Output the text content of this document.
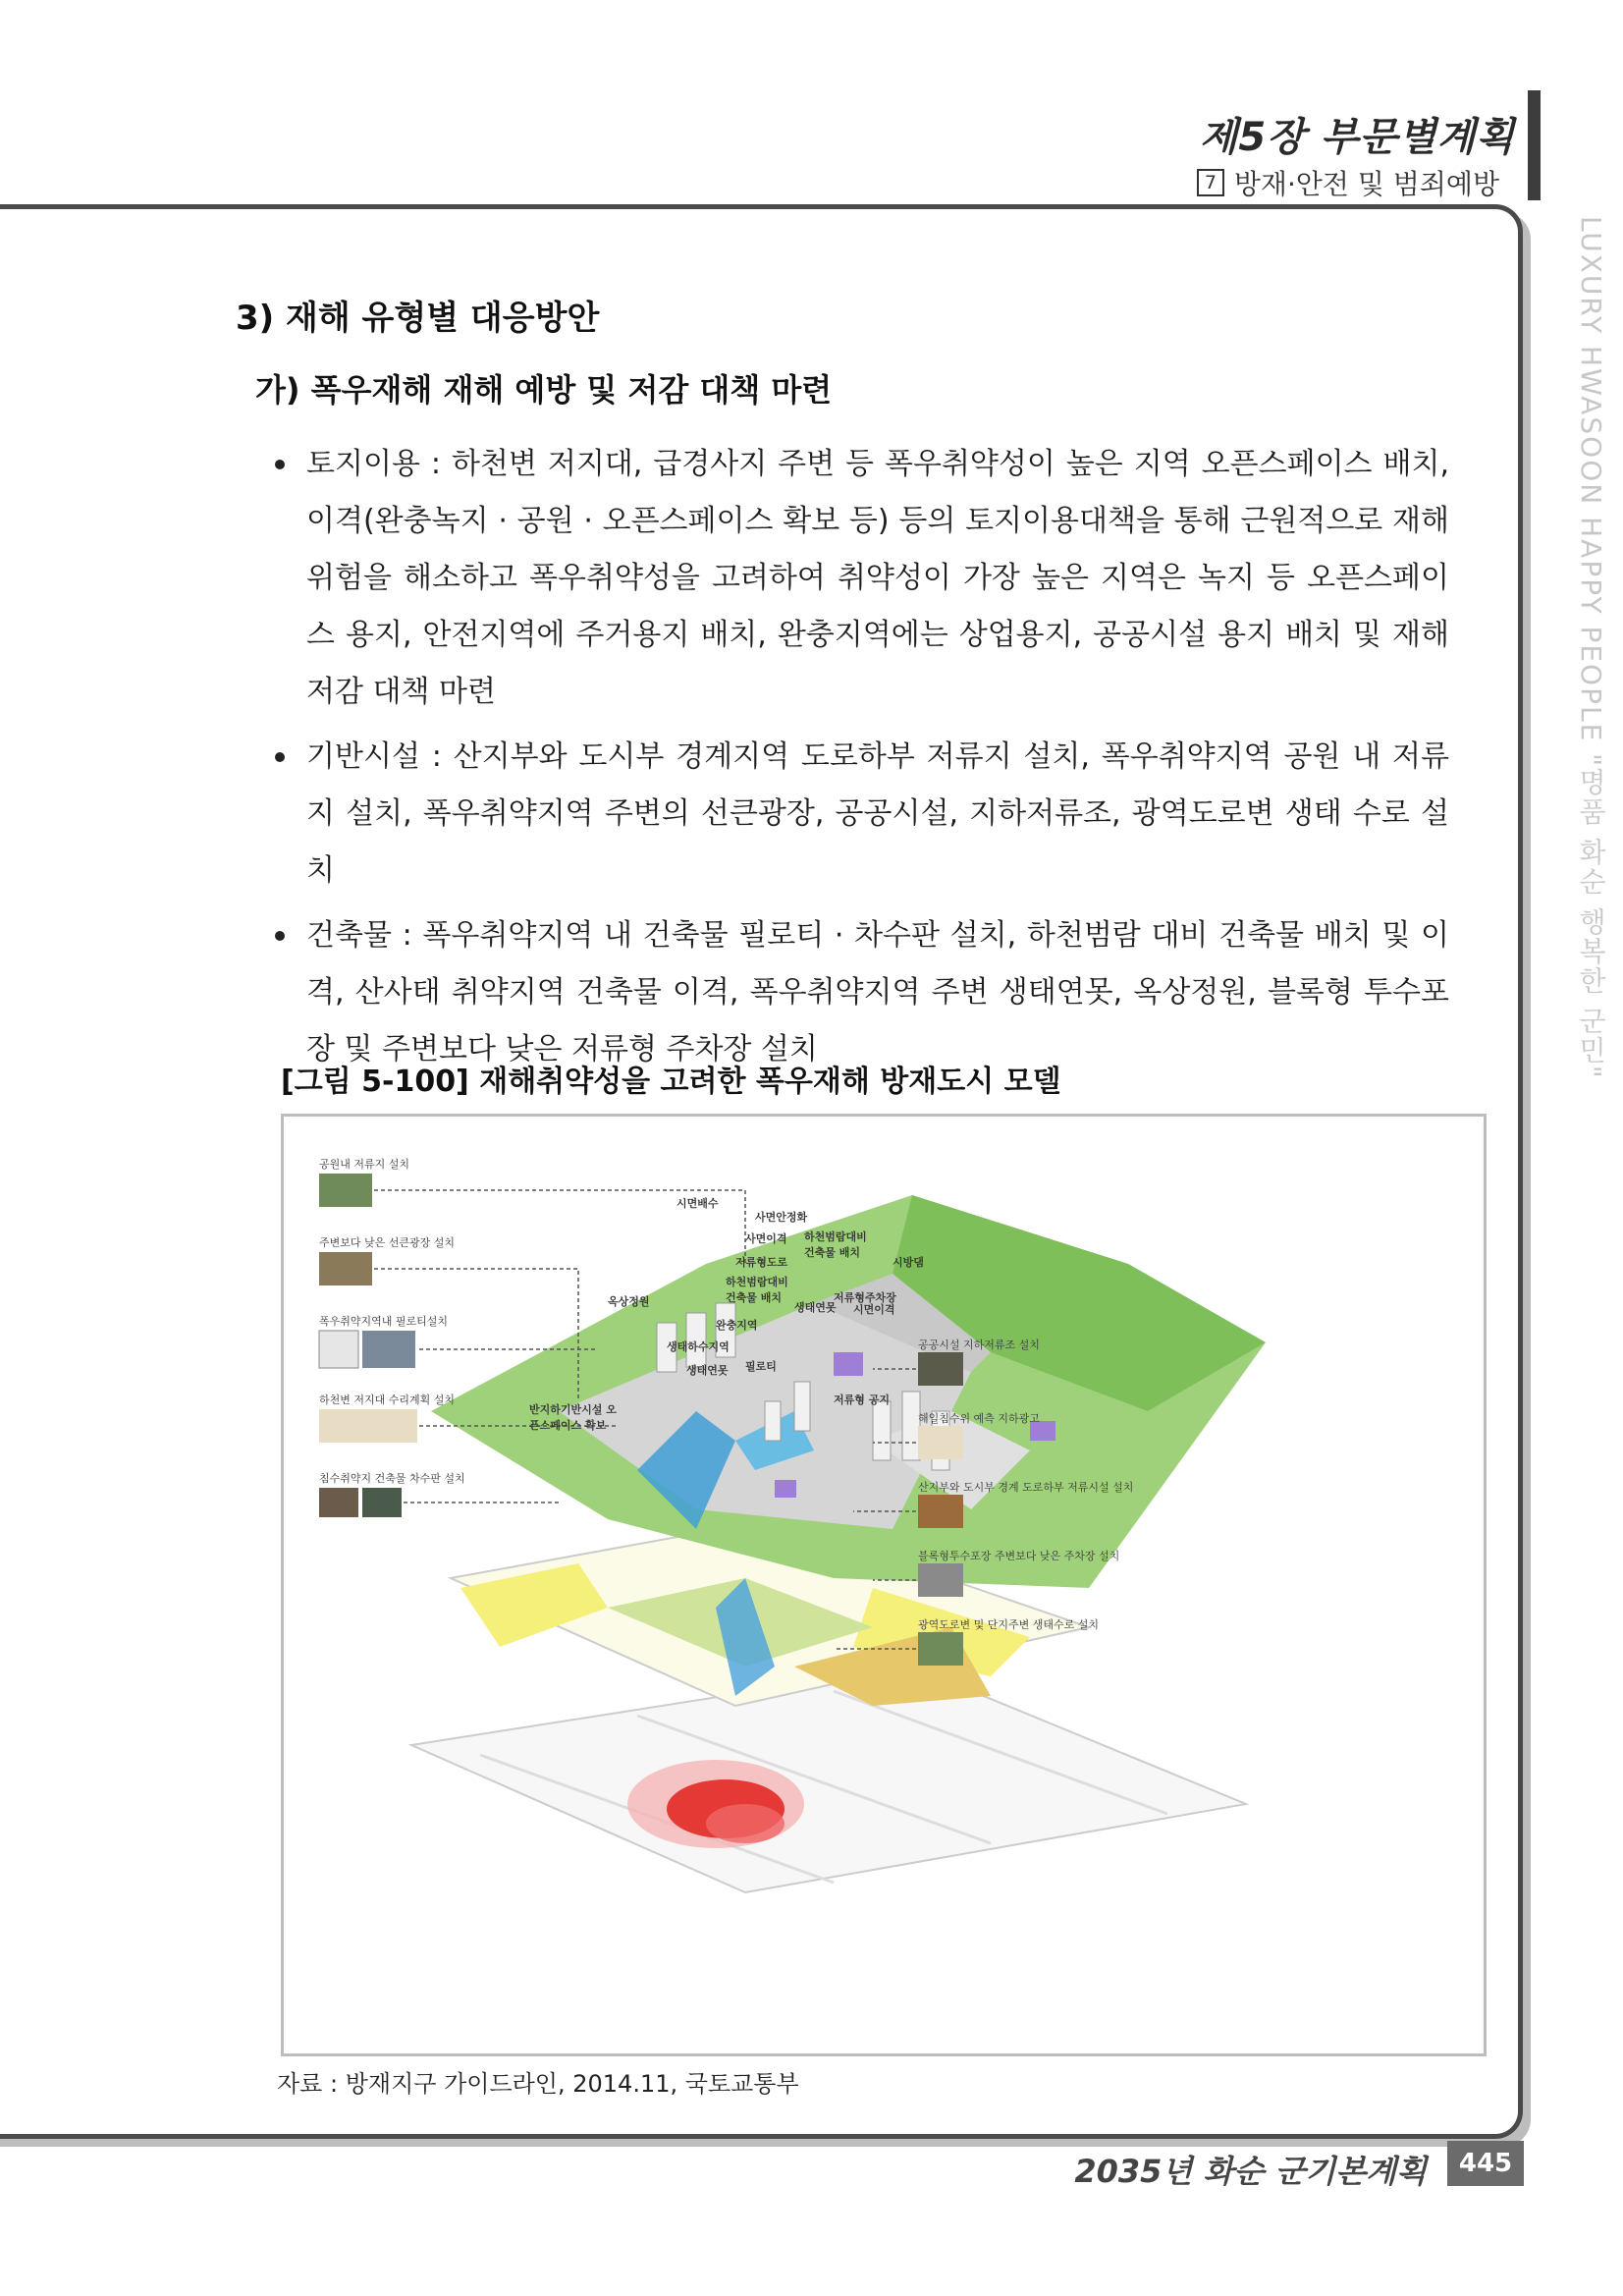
제5장 부문별계획
7 방재·안전 및 범죄예방
LUXURY HWASOON HAPPY PEOPLE "명품 화순 행복한 군민"
3) 재해 유형별 대응방안
가) 폭우재해 재해 예방 및 저감 대책 마련
토지이용 : 하천변 저지대, 급경사지 주변 등 폭우취약성이 높은 지역 오픈스페이스 배치, 이격(완충녹지 · 공원 · 오픈스페이스 확보 등) 등의 토지이용대책을 통해 근원적으로 재해 위험을 해소하고 폭우취약성을 고려하여 취약성이 가장 높은 지역은 녹지 등 오픈스페이스 용지, 안전지역에 주거용지 배치, 완충지역에는 상업용지, 공공시설 용지 배치 및 재해 저감 대책 마련
기반시설 : 산지부와 도시부 경계지역 도로하부 저류지 설치, 폭우취약지역 공원 내 저류지 설치, 폭우취약지역 주변의 선큰광장, 공공시설, 지하저류조, 광역도로변 생태 수로 설치
건축물 : 폭우취약지역 내 건축물 필로티 · 차수판 설치, 하천범람 대비 건축물 배치 및 이격, 산사태 취약지역 건축물 이격, 폭우취약지역 주변 생태연못, 옥상정원, 블록형 투수포장 및 주변보다 낮은 저류형 주차장 설치
[그림 5-100] 재해취약성을 고려한 폭우재해 방재도시 모델
공원내 저류지 설치
주변보다 낮은 선큰광장 설치
폭우취약지역내 필로티설치
하천변 저지대 수리계획 설치
침수취약지 건축물 차수판 설치
공공시설 지하저류조 설치
해일침수위 예측 지하광고
산지부와 도시부 경계 도로하부 저류시설 설치
블록형투수포장 주변보다 낮은 주차장 설치
광역도로변 및 단지주변 생태수로 설치
시면배수
사면안정화
사면이격 하천범람대비 건축물 배치
저류형도로
하천범람대비 건축물 배치
옥상정원	생태연못
시방댐
저류형주차장
시면이격
완충지역
필로티
생태하수지역
생태연못
저류형 공지
반지하기반시설 오픈스페이스 확보
자료 : 방재지구 가이드라인, 2014.11, 국토교통부
2035년 화순 군기본계획	445
